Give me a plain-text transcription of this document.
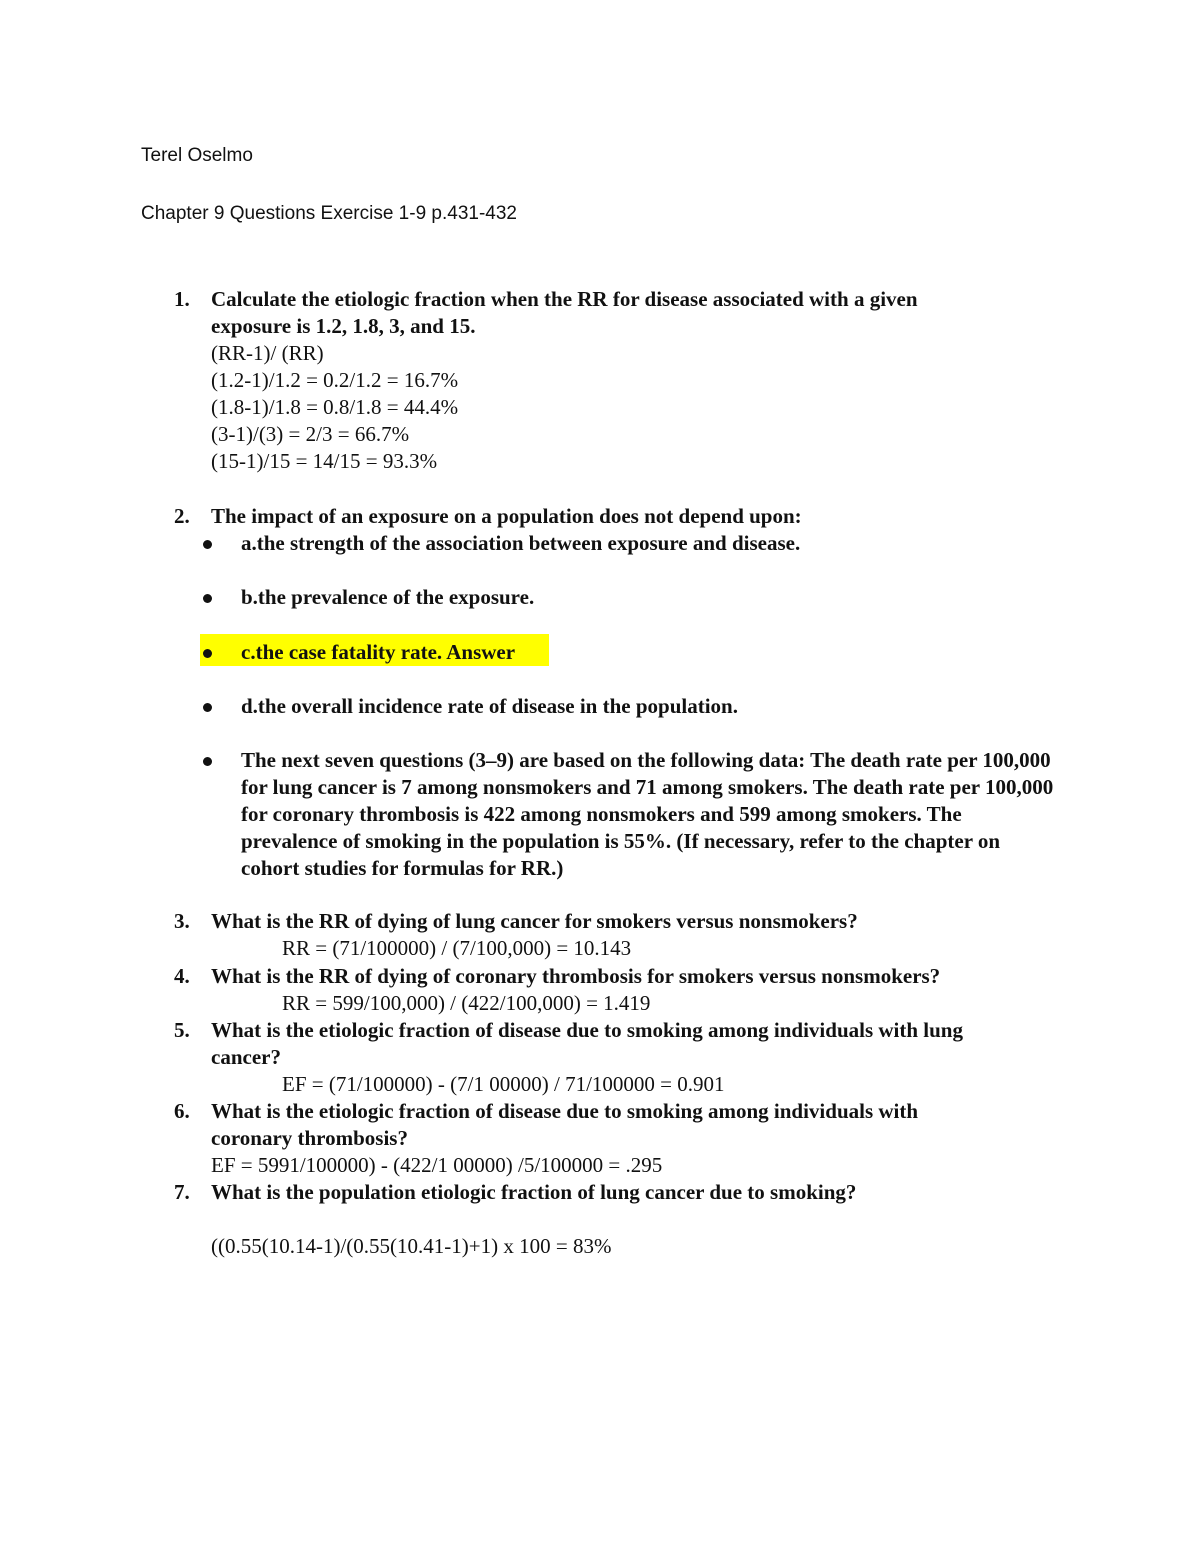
Terel Oselmo
Chapter 9 Questions Exercise 1-9 p.431-432
1. Calculate the etiologic fraction when the RR for disease associated with a given
exposure is 1.2, 1.8, 3, and 15.
(RR-1)/ (RR)
(1.2-1)/1.2 = 0.2/1.2 = 16.7%
(1.8-1)/1.8 = 0.8/1.8 = 44.4%
(3-1)/(3) = 2/3 = 66.7%
(15-1)/15 = 14/15 = 93.3%
2. The impact of an exposure on a population does not depend upon:
a.the strength of the association between exposure and disease.
b.the prevalence of the exposure.
c.the case fatality rate. Answer
d.the overall incidence rate of disease in the population.
The next seven questions (3–9) are based on the following data: The death rate per 100,000 for lung cancer is 7 among nonsmokers and 71 among smokers. The death rate per 100,000 for coronary thrombosis is 422 among nonsmokers and 599 among smokers. The prevalence of smoking in the population is 55%. (If necessary, refer to the chapter on cohort studies for formulas for RR.)
3. What is the RR of dying of lung cancer for smokers versus nonsmokers?
RR = (71/100000) / (7/100,000) = 10.143
4. What is the RR of dying of coronary thrombosis for smokers versus nonsmokers?
RR = 599/100,000) / (422/100,000) = 1.419
5. What is the etiologic fraction of disease due to smoking among individuals with lung
cancer?
EF = (71/100000) - (7/1 00000) / 71/100000 = 0.901
6. What is the etiologic fraction of disease due to smoking among individuals with
coronary thrombosis?
EF = 5991/100000) - (422/1 00000) /5/100000 = .295
7. What is the population etiologic fraction of lung cancer due to smoking?
((0.55(10.14-1)/(0.55(10.41-1)+1) x 100 = 83%
